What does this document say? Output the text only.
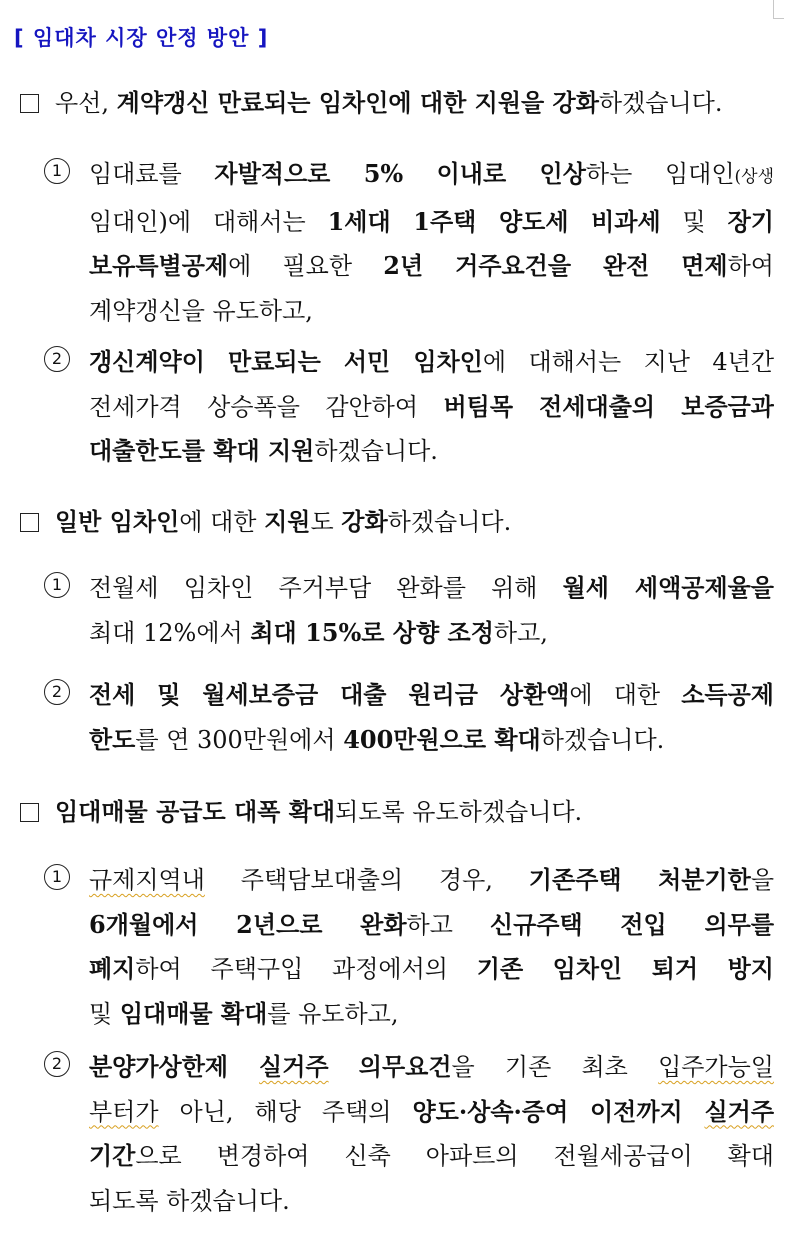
[ 임대차 시장 안정 방안 ]
우선, 계약갱신 만료되는 임차인에 대한 지원을 강화하겠습니다.
1	임대료를 자발적으로 5% 이내로 인상하는 임대인(상생
임대인)에 대해서는 1세대 1주택 양도세 비과세 및 장기
보유특별공제에 필요한 2년 거주요건을 완전 면제하여
계약갱신을 유도하고,
2	갱신계약이 만료되는 서민 임차인에 대해서는 지난 4년간
전세가격 상승폭을 감안하여 버팀목 전세대출의 보증금과
대출한도를 확대 지원하겠습니다.
일반 임차인에 대한 지원도 강화하겠습니다.
1	전월세 임차인 주거부담 완화를 위해 월세 세액공제율을
최대 12%에서 최대 15%로 상향 조정하고,
2	전세 및 월세보증금 대출 원리금 상환액에 대한 소득공제
한도를 연 300만원에서 400만원으로 확대하겠습니다.
임대매물 공급도 대폭 확대되도록 유도하겠습니다.
1	규제지역내 주택담보대출의 경우, 기존주택 처분기한을
6개월에서 2년으로 완화하고 신규주택 전입 의무를
폐지하여 주택구입 과정에서의 기존 임차인 퇴거 방지
및 임대매물 확대를 유도하고,
2	분양가상한제 실거주 의무요건을 기존 최초 입주가능일
부터가 아닌, 해당 주택의 양도·상속·증여 이전까지 실거주
기간으로 변경하여 신축 아파트의 전월세공급이 확대
되도록 하겠습니다.
